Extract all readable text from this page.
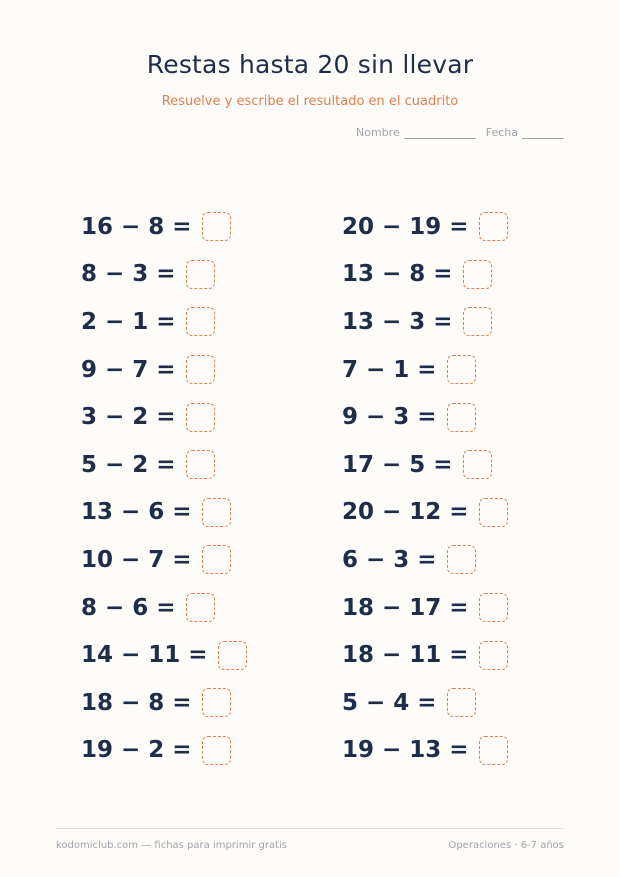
Restas hasta 20 sin llevar
Resuelve y escribe el resultado en el cuadrito
Nombre	Fecha
16 − 8 =
8 − 3 =
2 − 1 =
9 − 7 =
3 − 2 =
5 − 2 =
13 − 6 =
10 − 7 =
8 − 6 =
14 − 11 =
18 − 8 =
19 − 2 =
20 − 19 =
13 − 8 =
13 − 3 =
7 − 1 =
9 − 3 =
17 − 5 =
20 − 12 =
6 − 3 =
18 − 17 =
18 − 11 =
5 − 4 =
19 − 13 =
kodomiclub.com — fichas para imprimir gratis	Operaciones · 6-7 años
